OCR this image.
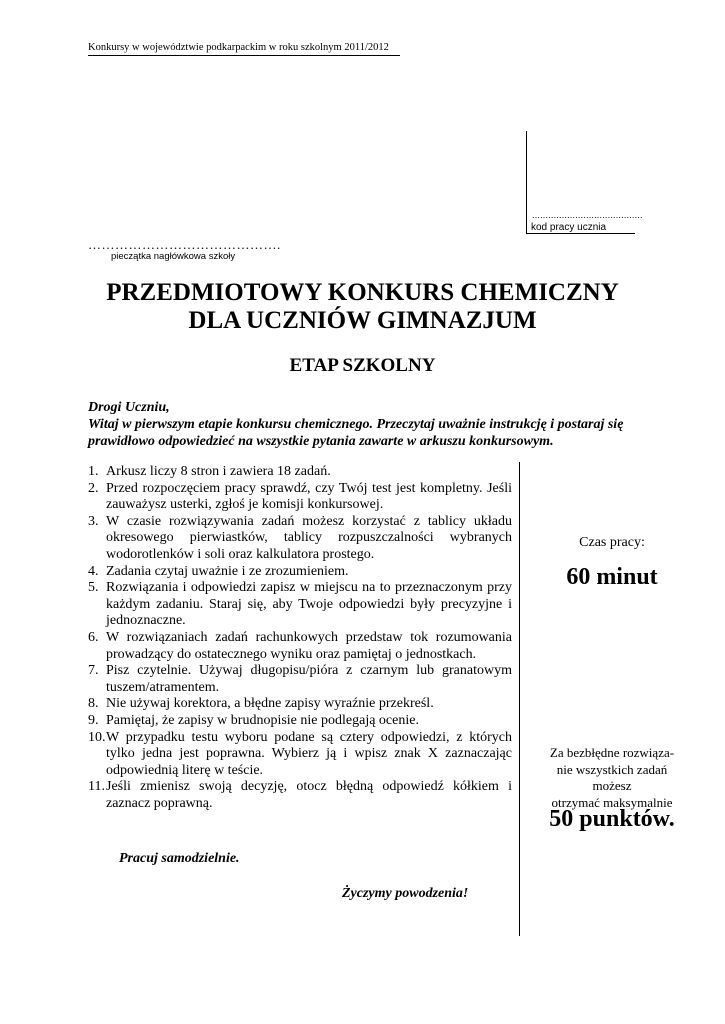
Konkursy w województwie podkarpackim w roku szkolnym 2011/2012
.........................................
kod pracy ucznia
…………………………………….
pieczątka nagłówkowa szkoły
PRZEDMIOTOWY KONKURS CHEMICZNY
DLA UCZNIÓW GIMNAZJUM
ETAP SZKOLNY
Drogi Uczniu,
Witaj w pierwszym etapie konkursu chemicznego. Przeczytaj uważnie instrukcję i postaraj się prawidłowo odpowiedzieć na wszystkie pytania zawarte w arkuszu konkursowym.
1. Arkusz liczy 8 stron i zawiera 18 zadań.
2. Przed rozpoczęciem pracy sprawdź, czy Twój test jest kompletny. Jeśli zauważysz usterki, zgłoś je komisji konkursowej.
3. W czasie rozwiązywania zadań możesz korzystać z tablicy układu okresowego pierwiastków, tablicy rozpuszczalności wybranych wodorotlenków i soli oraz kalkulatora prostego.
4. Zadania czytaj uważnie i ze zrozumieniem.
5. Rozwiązania i odpowiedzi zapisz w miejscu na to przeznaczonym przy każdym zadaniu. Staraj się, aby Twoje odpowiedzi były precyzyjne i jednoznaczne.
6. W rozwiązaniach zadań rachunkowych przedstaw tok rozumowania prowadzący do ostatecznego wyniku oraz pamiętaj o jednostkach.
7. Pisz czytelnie. Używaj długopisu/pióra z czarnym lub granatowym tuszem/atramentem.
8. Nie używaj korektora, a błędne zapisy wyraźnie przekreśl.
9. Pamiętaj, że zapisy w brudnopisie nie podlegają ocenie.
10. W przypadku testu wyboru podane są cztery odpowiedzi, z których tylko jedna jest poprawna. Wybierz ją i wpisz znak X zaznaczając odpowiednią literę w teście.
11. Jeśli zmienisz swoją decyzję, otocz błędną odpowiedź kółkiem i zaznacz poprawną.
Czas pracy:
60 minut
Za bezbłędne rozwiąza-
nie wszystkich zadań
możesz
otrzymać maksymalnie
50 punktów.
Pracuj samodzielnie.
Życzymy powodzenia!
